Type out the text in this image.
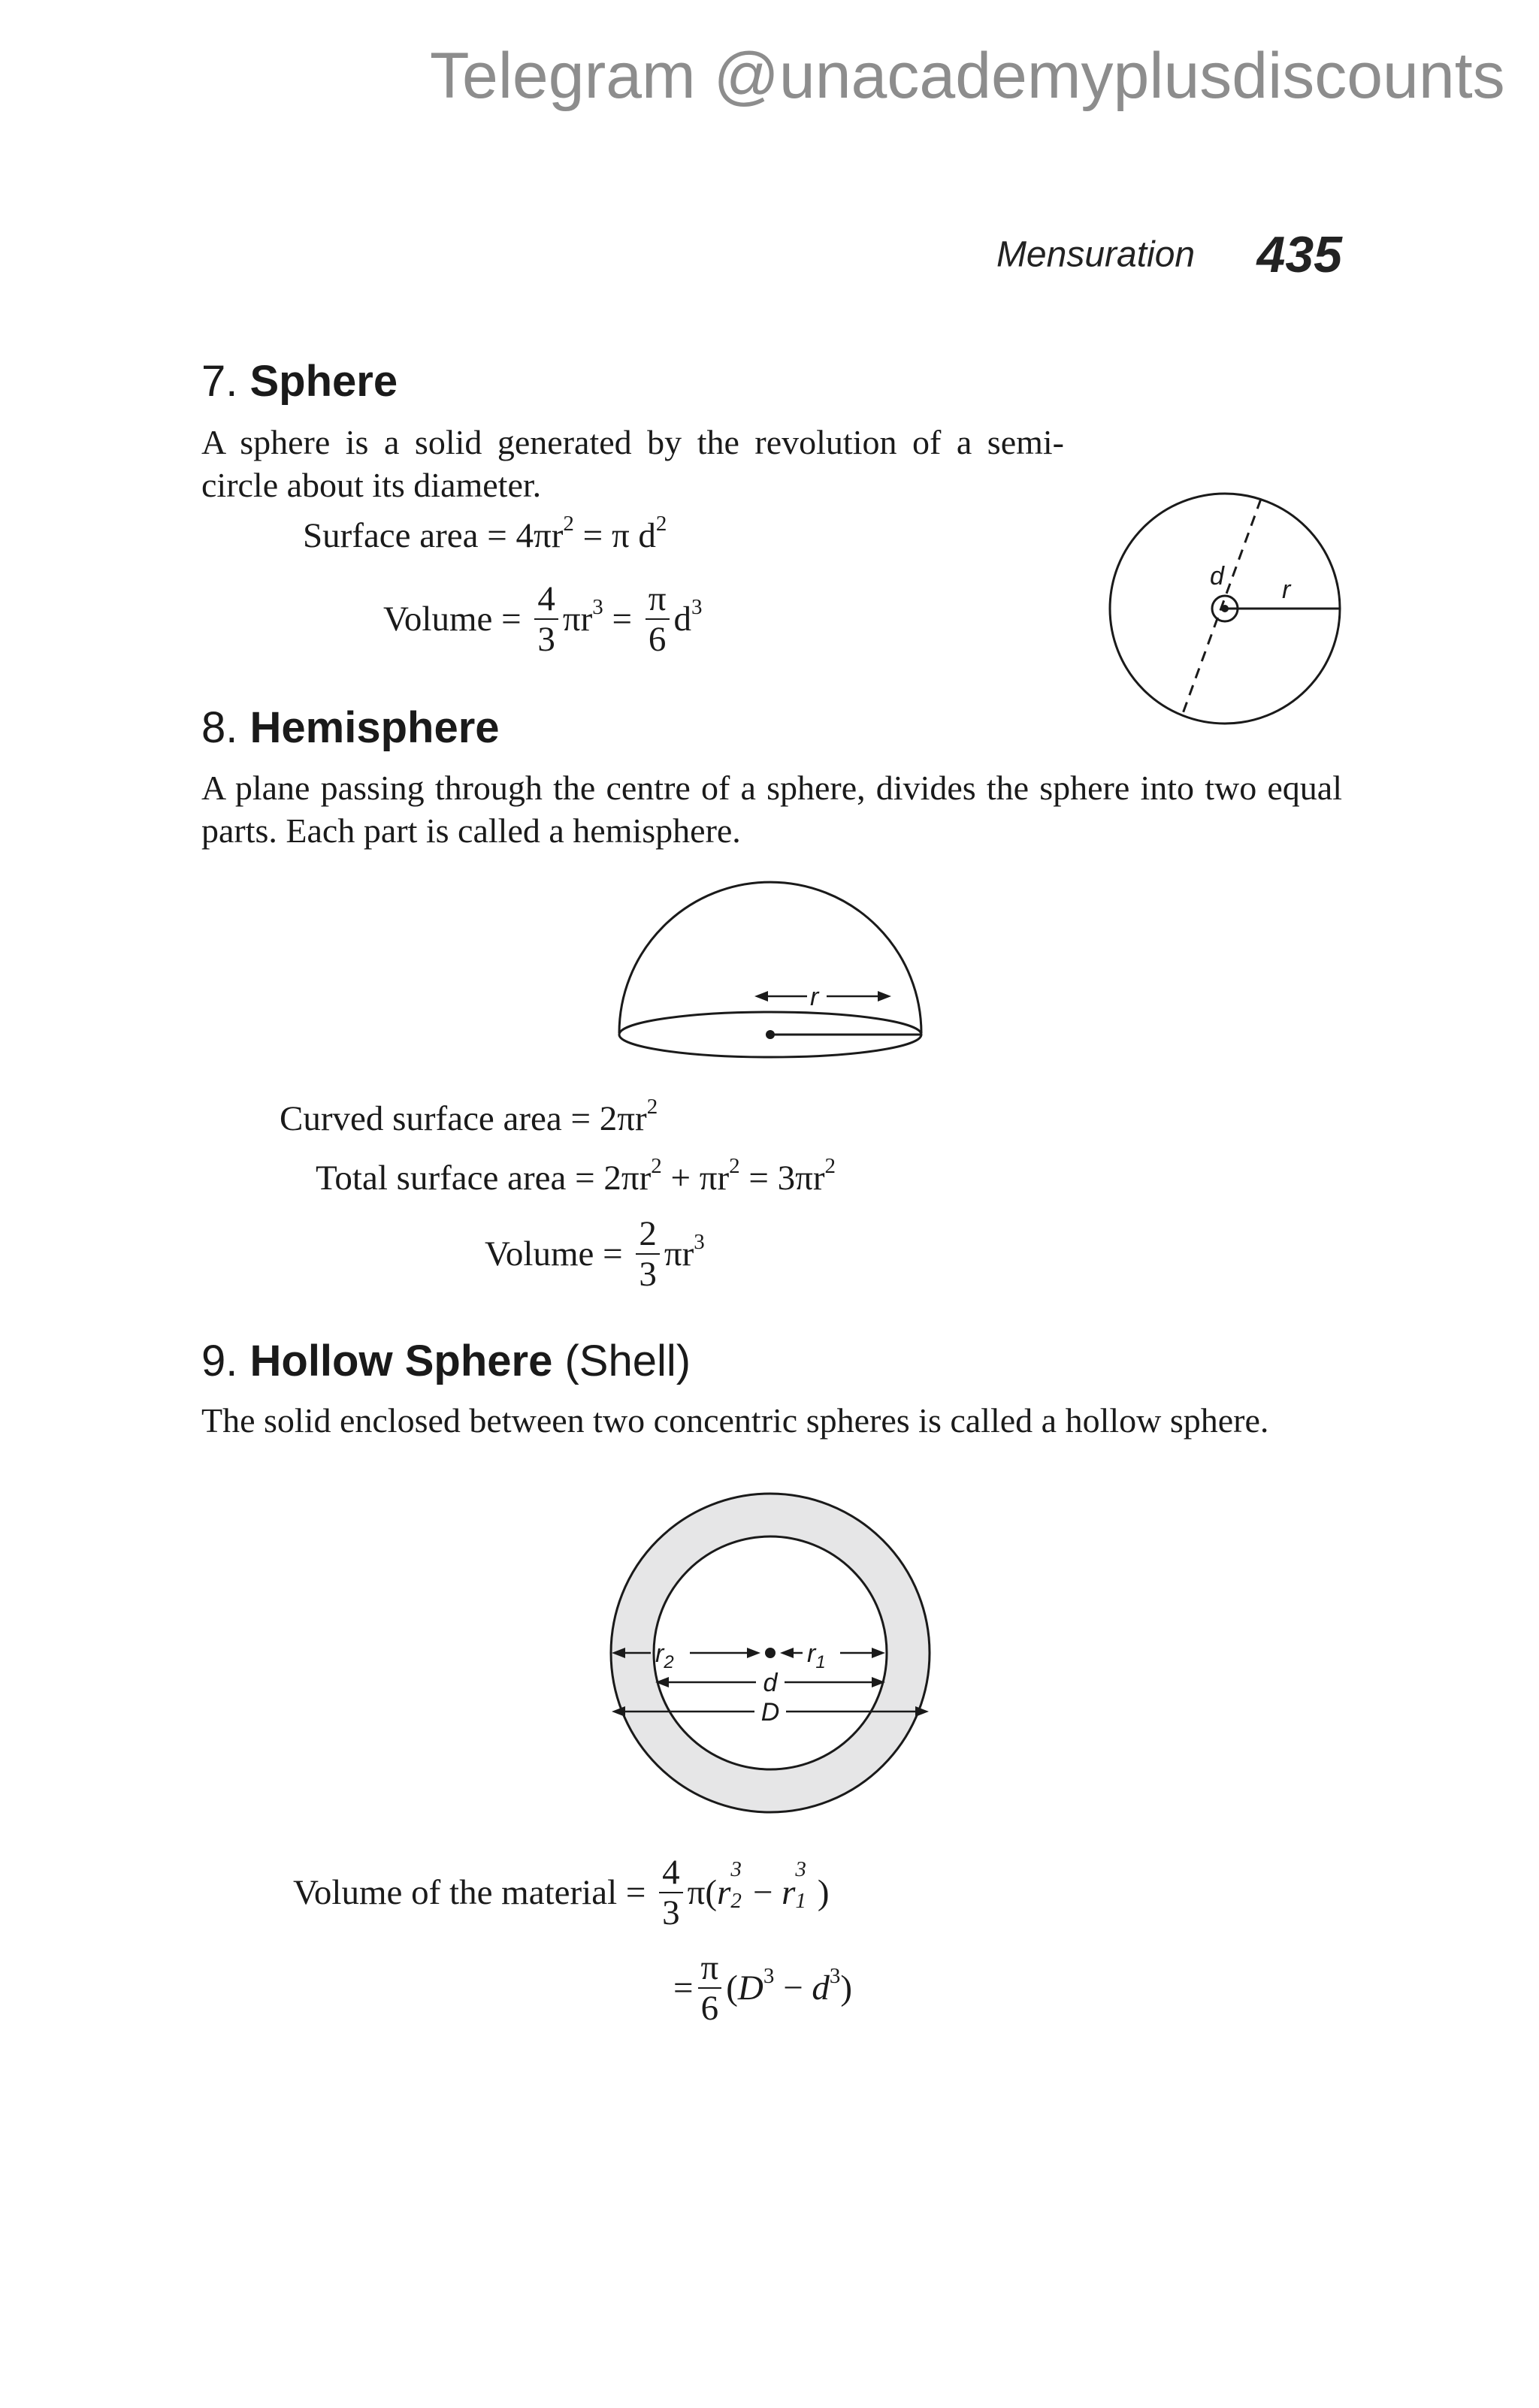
Telegram @unacademyplusdiscounts
Mensuration 435
7. Sphere
A sphere is a solid generated by the revolution of a semi-circle about its diameter.
Surface area = $4\pi r^2 = \pi$ $d^2$
Volume = $\frac{4}{3} \pi r^3 = \frac{\pi}{6} d^3$
d r
8. Hemisphere
A plane passing through the centre of a sphere, divides the sphere into two equal parts. Each part is called a hemisphere.
r
Curved surface area = $2\pi r^2$
Total surface area = $2\pi r^2 + \pi r^2 = 3\pi r^2$
Volume = $\frac{2}{3} \pi r^3$
9. Hollow Sphere (Shell)
The solid enclosed between two concentric spheres is called a hollow sphere.
$r_2$	$r_1$
d
D
Volume of the material = $\frac{4}{3} \pi(r$
3
2 − r
3
1 )
= $\frac{\pi}{6} (D^3 - d^3)$
